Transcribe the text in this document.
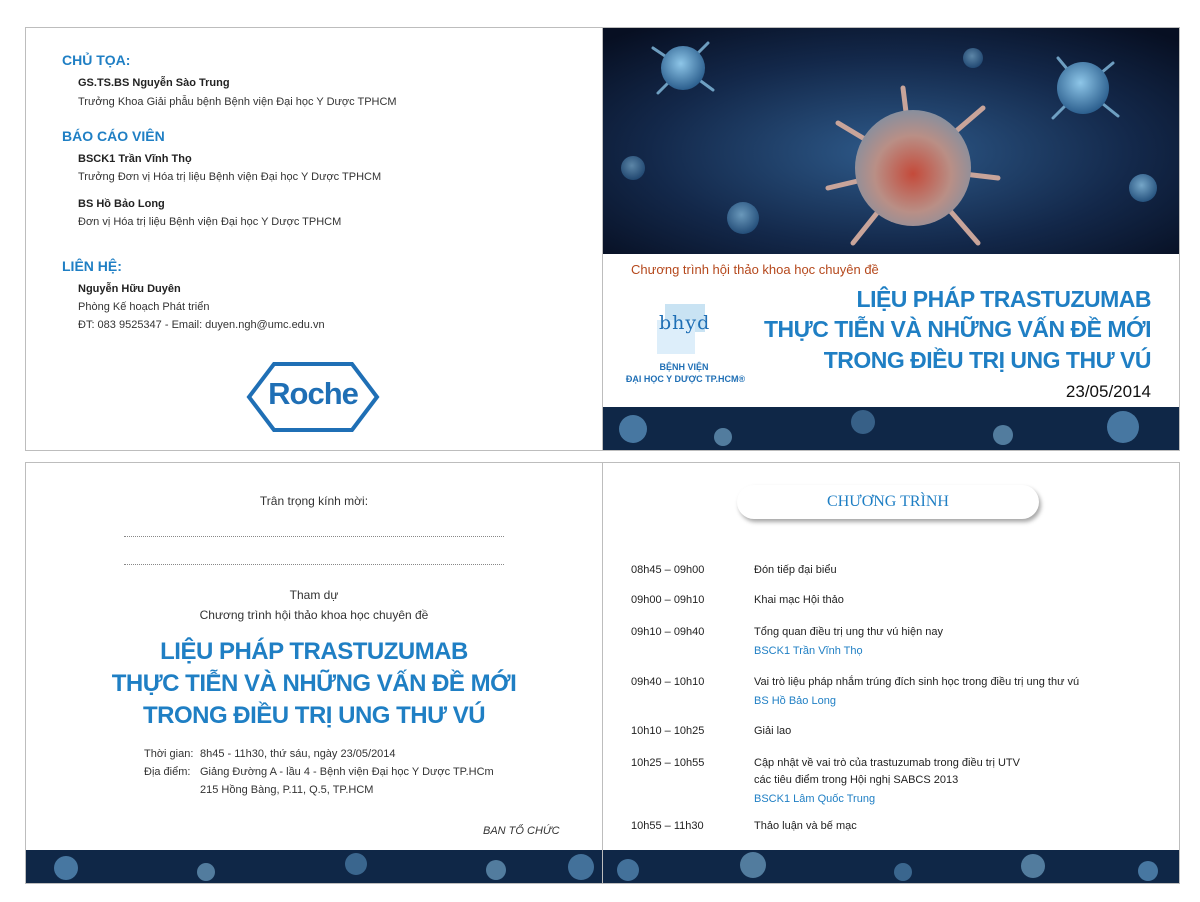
CHỦ TỌA:
GS.TS.BS Nguyễn Sào Trung
Trưởng Khoa Giải phẫu bệnh Bệnh viện Đại học Y Dược TPHCM
BÁO CÁO VIÊN
BSCK1 Trần Vĩnh Thọ
Trưởng Đơn vị Hóa trị liệu Bệnh viện Đại học Y Dược TPHCM
BS Hồ Bảo Long
Đơn vị Hóa trị liệu Bệnh viện Đại học Y Dược TPHCM
LIÊN HỆ:
Nguyễn Hữu Duyên
Phòng Kế hoạch Phát triển
ĐT: 083 9525347 - Email: duyen.ngh@umc.edu.vn
Roche
Chương trình hội thảo khoa học chuyên đề
bhyd
BỆNH VIỆN
ĐẠI HỌC Y DƯỢC TP.HCM®
LIỆU PHÁP TRASTUZUMAB
THỰC TIỄN VÀ NHỮNG VẤN ĐỀ MỚI
TRONG ĐIỀU TRỊ UNG THƯ VÚ
23/05/2014
Trân trọng kính mời:
Tham dự
Chương trình hội thảo khoa học chuyên đề
LIỆU PHÁP TRASTUZUMAB
THỰC TIỄN VÀ NHỮNG VẤN ĐỀ MỚI
TRONG ĐIỀU TRỊ UNG THƯ VÚ
Thời gian: 8h45 - 11h30, thứ sáu, ngày 23/05/2014
Địa điểm: Giảng Đường A - lầu 4 - Bệnh viện Đại học Y Dược TP.HCm
215 Hồng Bàng, P.11, Q.5, TP.HCM
BAN TỔ CHỨC
CHƯƠNG TRÌNH
08h45 – 09h00	Đón tiếp đại biểu
09h00 – 09h10	Khai mạc Hội thảo
09h10 – 09h40	Tổng quan điều trị ung thư vú hiện nay
BSCK1 Trần Vĩnh Thọ
09h40 – 10h10	Vai trò liệu pháp nhắm trúng đích sinh học trong điều trị ung thư vú
BS Hồ Bảo Long
10h10 – 10h25	Giải lao
10h25 – 10h55	Cập nhật về vai trò của trastuzumab trong điều trị UTV
các tiêu điểm trong Hội nghị SABCS 2013
BSCK1 Lâm Quốc Trung
10h55 – 11h30	Thảo luận và bế mạc
